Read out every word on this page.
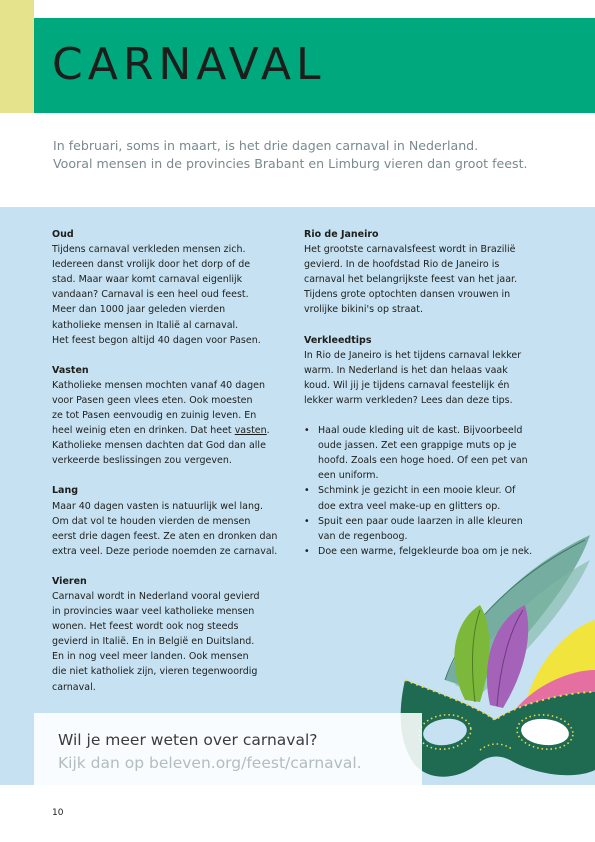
CARNAVAL
In februari, soms in maart, is het drie dagen carnaval in Nederland.
Vooral mensen in de provincies Brabant en Limburg vieren dan groot feest.
Oud
Tijdens carnaval verkleden mensen zich.
Iedereen danst vrolijk door het dorp of de
stad. Maar waar komt carnaval eigenlijk
vandaan? Carnaval is een heel oud feest.
Meer dan 1000 jaar geleden vierden
katholieke mensen in Italië al carnaval.
Het feest begon altijd 40 dagen voor Pasen.
Vasten
Katholieke mensen mochten vanaf 40 dagen
voor Pasen geen vlees eten. Ook moesten
ze tot Pasen eenvoudig en zuinig leven. En
heel weinig eten en drinken. Dat heet vasten.
Katholieke mensen dachten dat God dan alle
verkeerde beslissingen zou vergeven.
Lang
Maar 40 dagen vasten is natuurlijk wel lang.
Om dat vol te houden vierden de mensen
eerst drie dagen feest. Ze aten en dronken dan
extra veel. Deze periode noemden ze carnaval.
Vieren
Carnaval wordt in Nederland vooral gevierd
in provincies waar veel katholieke mensen
wonen. Het feest wordt ook nog steeds
gevierd in Italië. En in België en Duitsland.
En in nog veel meer landen. Ook mensen
die niet katholiek zijn, vieren tegenwoordig
carnaval.
Rio de Janeiro
Het grootste carnavalsfeest wordt in Brazilië
gevierd. In de hoofdstad Rio de Janeiro is
carnaval het belangrijkste feest van het jaar.
Tijdens grote optochten dansen vrouwen in
vrolijke bikini's op straat.
Verkleedtips
In Rio de Janeiro is het tijdens carnaval lekker
warm. In Nederland is het dan helaas vaak
koud. Wil jij je tijdens carnaval feestelijk én
lekker warm verkleden? Lees dan deze tips.
• Haal oude kleding uit de kast. Bijvoorbeeld
oude jassen. Zet een grappige muts op je
hoofd. Zoals een hoge hoed. Of een pet van
een uniform.
• Schmink je gezicht in een mooie kleur. Of
doe extra veel make-up en glitters op.
• Spuit een paar oude laarzen in alle kleuren
van de regenboog.
• Doe een warme, felgekleurde boa om je nek.
Wil je meer weten over carnaval?
Kijk dan op beleven.org/feest/carnaval.
10
